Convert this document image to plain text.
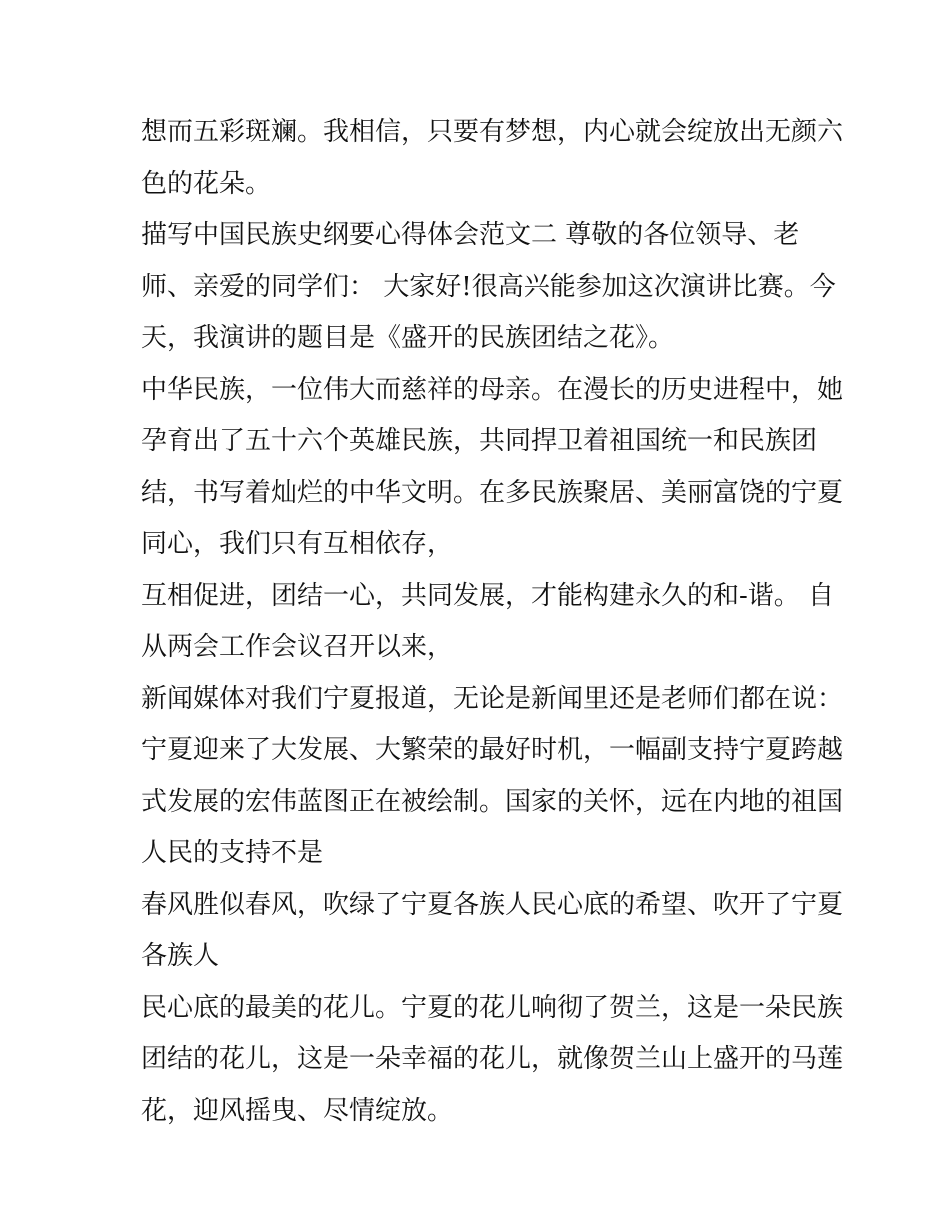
想而五彩斑斓。我相信，只要有梦想，内心就会绽放出无颜六
色的花朵。
描写中国民族史纲要心得体会范文二 尊敬的各位领导、老
师、亲爱的同学们： 大家好!很高兴能参加这次演讲比赛。今
天，我演讲的题目是《盛开的民族团结之花》。
中华民族，一位伟大而慈祥的母亲。在漫长的历史进程中，她
孕育出了五十六个英雄民族，共同捍卫着祖国统一和民族团
结，书写着灿烂的中华文明。在多民族聚居、美丽富饶的宁夏
同心，我们只有互相依存，
互相促进，团结一心，共同发展，才能构建永久的和-谐。 自
从两会工作会议召开以来，
新闻媒体对我们宁夏报道，无论是新闻里还是老师们都在说：
宁夏迎来了大发展、大繁荣的最好时机，一幅副支持宁夏跨越
式发展的宏伟蓝图正在被绘制。国家的关怀，远在内地的祖国
人民的支持不是
春风胜似春风，吹绿了宁夏各族人民心底的希望、吹开了宁夏
各族人
民心底的最美的花儿。宁夏的花儿响彻了贺兰，这是一朵民族
团结的花儿，这是一朵幸福的花儿，就像贺兰山上盛开的马莲
花，迎风摇曳、尽情绽放。
